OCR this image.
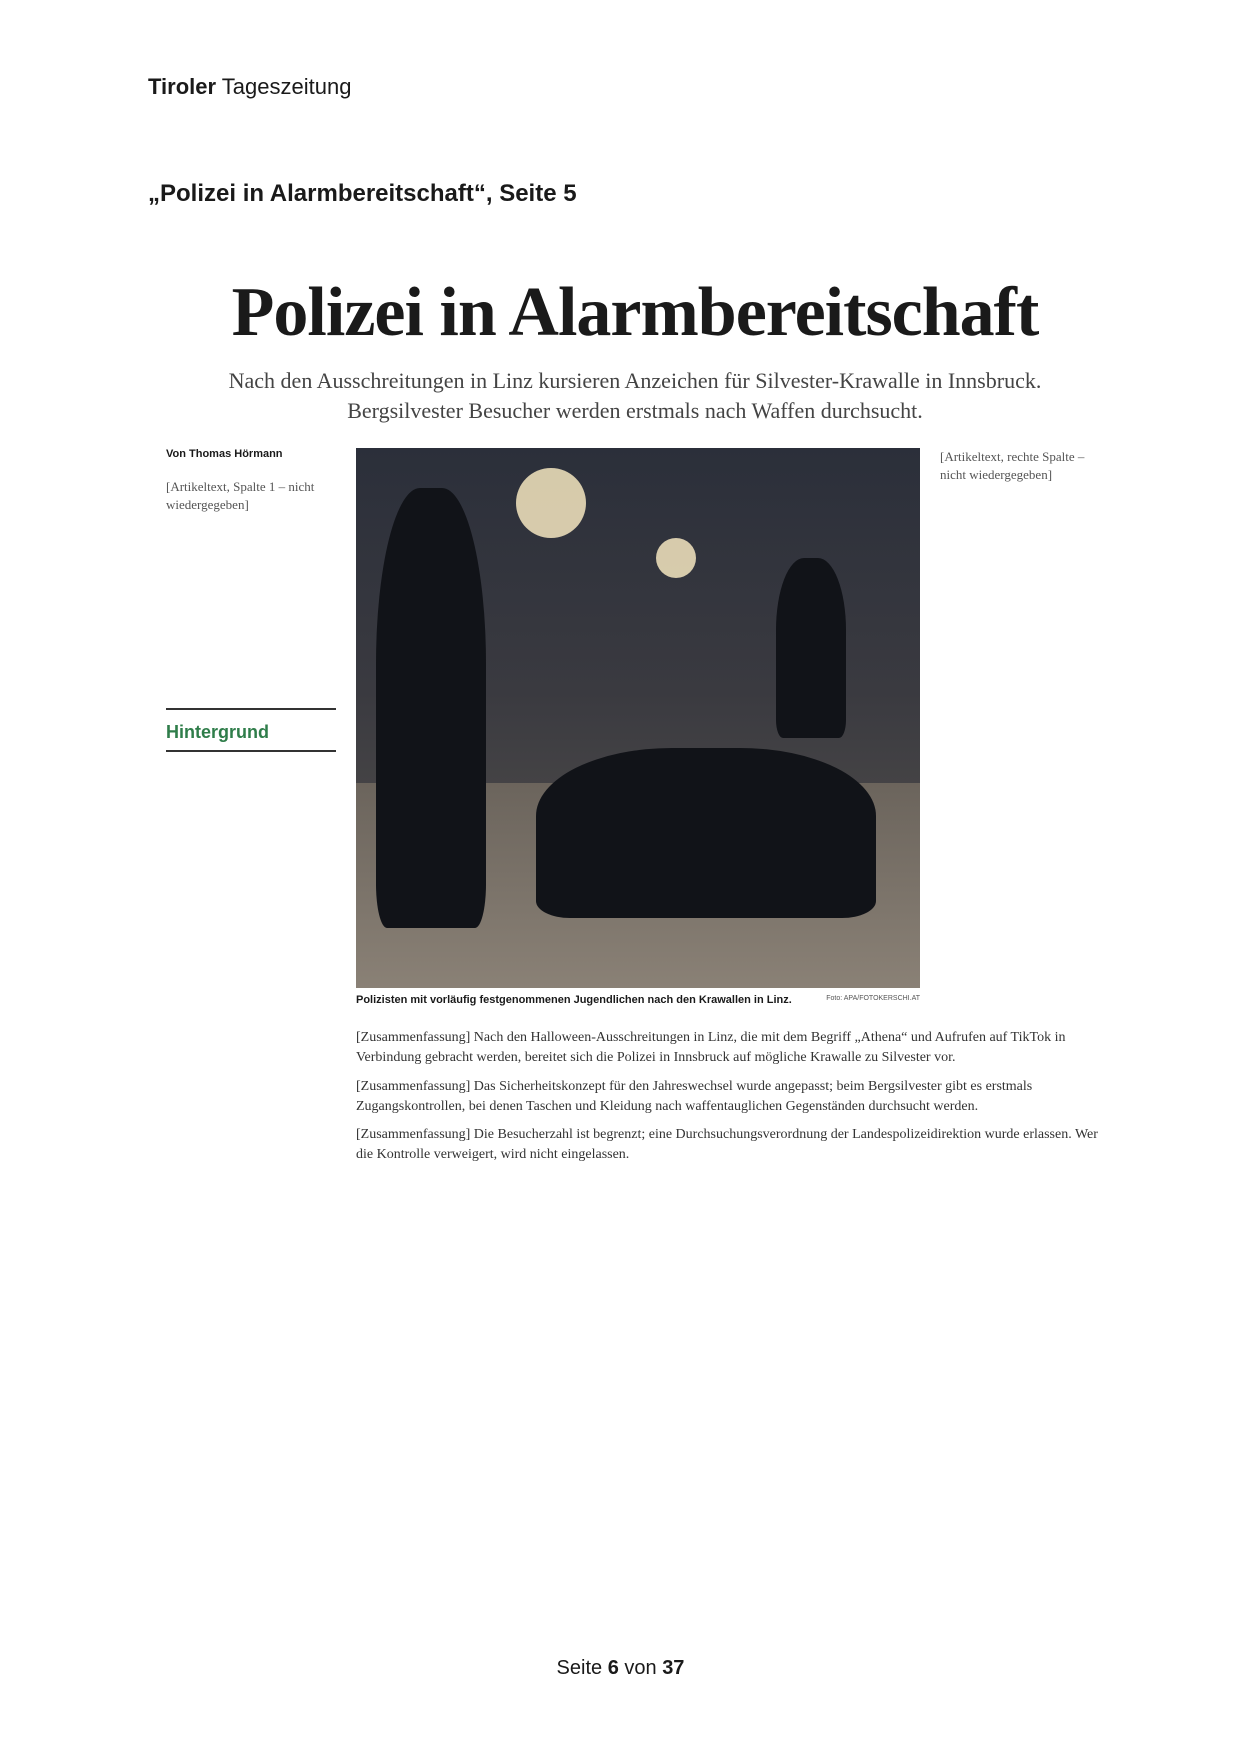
Tiroler Tageszeitung
„Polizei in Alarmbereitschaft“, Seite 5
Polizei in Alarmbereitschaft

Nach den Ausschreitungen in Linz kursieren Anzeichen für Silvester-Krawalle in Innsbruck. Bergsilvester Besucher werden erstmals nach Waffen durchsucht.

Von Thomas Hörmann
[Artikeltext, Spalte 1 – nicht wiedergegeben]
Hintergrund
Polizisten mit vorläufig festgenommenen Jugendlichen nach den Krawallen in Linz.	Foto: APA/FOTOKERSCHI.AT
[Artikeltext, rechte Spalte – nicht wiedergegeben]

[Zusammenfassung] Nach den Halloween-Ausschreitungen in Linz, die mit dem Begriff „Athena“ und Aufrufen auf TikTok in Verbindung gebracht werden, bereitet sich die Polizei in Innsbruck auf mögliche Krawalle zu Silvester vor.

[Zusammenfassung] Das Sicherheitskonzept für den Jahreswechsel wurde angepasst; beim Bergsilvester gibt es erstmals Zugangskontrollen, bei denen Taschen und Kleidung nach waffentauglichen Gegenständen durchsucht werden.

[Zusammenfassung] Die Besucherzahl ist begrenzt; eine Durchsuchungsverordnung der Landespolizeidirektion wurde erlassen. Wer die Kontrolle verweigert, wird nicht eingelassen.

Seite 6 von 37
